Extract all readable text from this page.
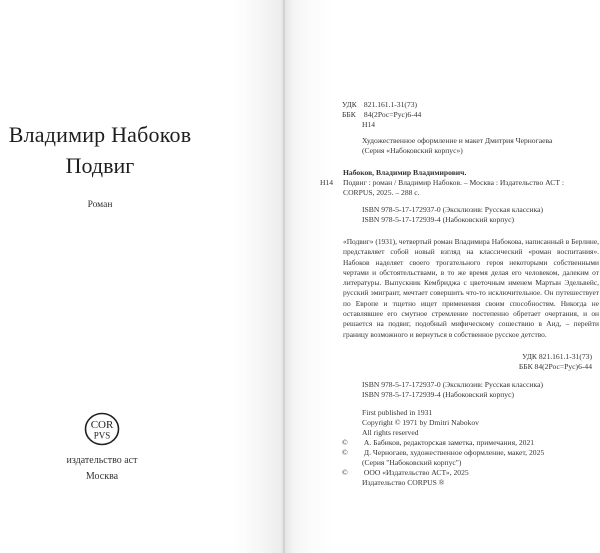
Владимир Набоков
Подвиг
Роман
COR
PVS
издательство аст
Москва
УДК 821.161.1-31(73)
ББК 84(2Рос=Рус)6-44
Н14
Художественное оформление и макет Дмитрия Черногаева
(Серия «Набоковский корпус»)
Набоков, Владимир Владимирович.
Н14 Подвиг : роман / Владимир Набоков. – Москва : Издательство АСТ :
CORPUS, 2025. – 288 с.
ISBN 978-5-17-172937-0 (Эксклюзив: Русская классика)
ISBN 978-5-17-172939-4 (Набоковский корпус)

«Подвиг» (1931), четвертый роман Владимира Набокова, написанный в Берлине, представляет собой новый взгляд на классический «роман воспитания». Набоков наделяет своего трогательного героя некоторыми собственными чертами и обстоятельствами, в то же время делая его человеком, далеким от литературы. Выпускник Кембриджа с цветочным именем Мартын Эдельвейс, русский эмигрант, мечтает совершить что-то исключительное. Он путешествует по Европе и тщетно ищет применения своим способностям. Никогда не оставлявшее его смутное стремление постепенно обретает очертания, и он решается на подвиг, подобный мифическому сошествию в Аид, – перейти границу возможного и вернуться в собственное русское детство.

УДК 821.161.1-31(73)
ББК 84(2Рос=Рус)6-44
ISBN 978-5-17-172937-0 (Эксклюзив: Русская классика)
ISBN 978-5-17-172939-4 (Набоковский корпус)
First published in 1931
Copyright © 1971 by Dmitri Nabokov
All rights reserved
© А. Бабиков, редакторская заметка, примечания, 2021
© Д. Черногаев, художественное оформление, макет, 2025
(Серия "Набоковский корпус")
© ООО «Издательство АСТ», 2025
Издательство CORPUS ®
